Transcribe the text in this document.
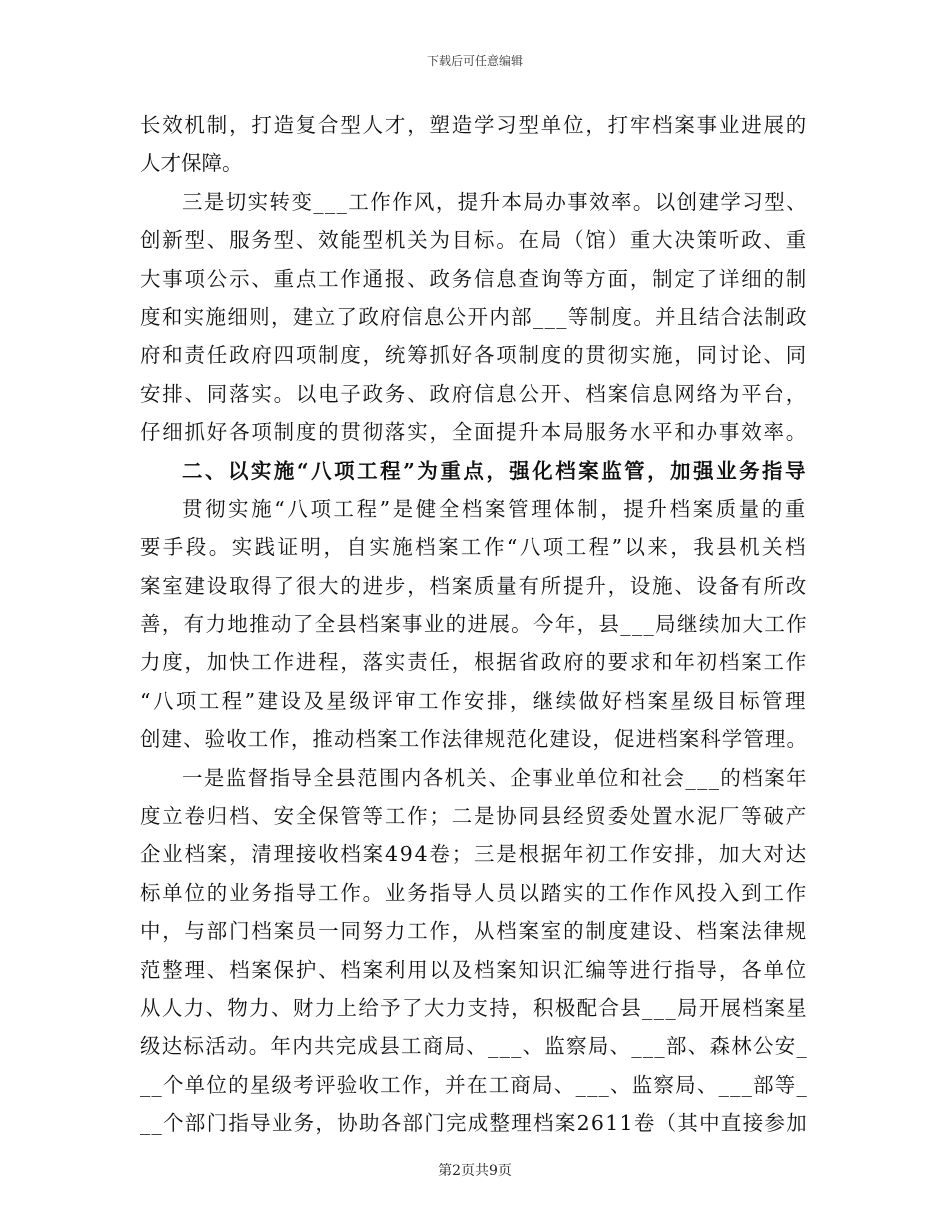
下载后可任意编辑
长效机制，打造复合型人才，塑造学习型单位，打牢档案事业进展的
人才保障。
三是切实转变___工作作风，提升本局办事效率。以创建学习型、
创新型、服务型、效能型机关为目标。在局（馆）重大决策听政、重
大事项公示、重点工作通报、政务信息查询等方面，制定了详细的制
度和实施细则，建立了政府信息公开内部___等制度。并且结合法制政
府和责任政府四项制度，统筹抓好各项制度的贯彻实施，同讨论、同
安排、同落实。以电子政务、政府信息公开、档案信息网络为平台，
仔细抓好各项制度的贯彻落实，全面提升本局服务水平和办事效率。
二、以实施“八项工程”为重点，强化档案监管，加强业务指导
贯彻实施“八项工程”是健全档案管理体制，提升档案质量的重
要手段。实践证明，自实施档案工作“八项工程”以来，我县机关档
案室建设取得了很大的进步，档案质量有所提升，设施、设备有所改
善，有力地推动了全县档案事业的进展。今年，县___局继续加大工作
力度，加快工作进程，落实责任，根据省政府的要求和年初档案工作
“八项工程”建设及星级评审工作安排，继续做好档案星级目标管理
创建、验收工作，推动档案工作法律规范化建设，促进档案科学管理。
一是监督指导全县范围内各机关、企事业单位和社会___的档案年
度立卷归档、安全保管等工作；二是协同县经贸委处置水泥厂等破产
企业档案，清理接收档案494卷；三是根据年初工作安排，加大对达
标单位的业务指导工作。业务指导人员以踏实的工作作风投入到工作
中，与部门档案员一同努力工作，从档案室的制度建设、档案法律规
范整理、档案保护、档案利用以及档案知识汇编等进行指导，各单位
从人力、物力、财力上给予了大力支持，积极配合县___局开展档案星
级达标活动。年内共完成县工商局、___、监察局、___部、森林公安_
__个单位的星级考评验收工作，并在工商局、___、监察局、___部等_
__个部门指导业务，协助各部门完成整理档案2611卷（其中直接参加
第2页共9页
